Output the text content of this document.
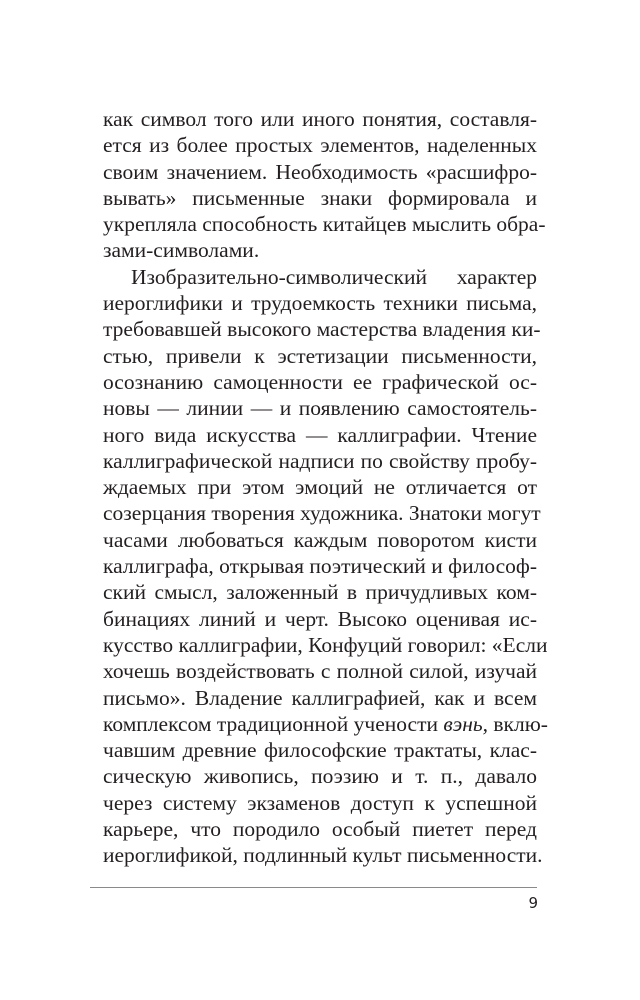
как символ того или иного понятия, составля-
ется из более простых элементов, наделенных
своим значением. Необходимость «расшифро-
вывать» письменные знаки формировала и
укрепляла способность китайцев мыслить обра-
зами-символами.
Изобразительно-символический характер
иероглифики и трудоемкость техники письма,
требовавшей высокого мастерства владения ки-
стью, привели к эстетизации письменности,
осознанию самоценности ее графической ос-
новы — линии — и появлению самостоятель-
ного вида искусства — каллиграфии. Чтение
каллиграфической надписи по свойству пробу-
ждаемых при этом эмоций не отличается от
созерцания творения художника. Знатоки могут
часами любоваться каждым поворотом кисти
каллиграфа, открывая поэтический и философ-
ский смысл, заложенный в причудливых ком-
бинациях линий и черт. Высоко оценивая ис-
кусство каллиграфии, Конфуций говорил: «Если
хочешь воздействовать с полной силой, изучай
письмо». Владение каллиграфией, как и всем
комплексом традиционной учености вэнь, вклю-
чавшим древние философские трактаты, клас-
сическую живопись, поэзию и т. п., давало
через систему экзаменов доступ к успешной
карьере, что породило особый пиетет перед
иероглификой, подлинный культ письменности.
9
